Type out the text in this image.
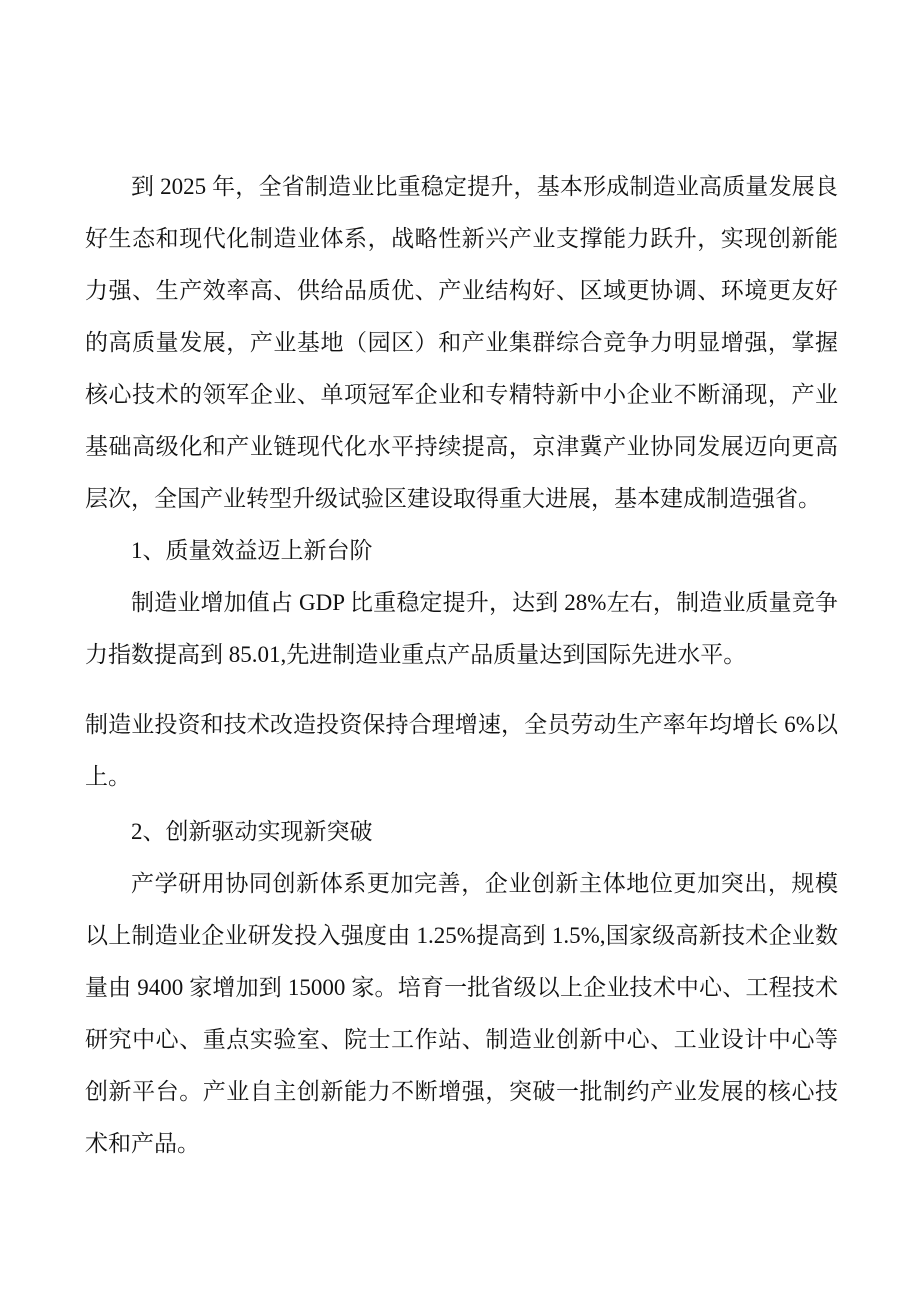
到 2025 年，全省制造业比重稳定提升，基本形成制造业高质量发展良
好生态和现代化制造业体系，战略性新兴产业支撑能力跃升，实现创新能
力强、生产效率高、供给品质优、产业结构好、区域更协调、环境更友好
的高质量发展，产业基地（园区）和产业集群综合竞争力明显增强，掌握
核心技术的领军企业、单项冠军企业和专精特新中小企业不断涌现，产业
基础高级化和产业链现代化水平持续提高，京津冀产业协同发展迈向更高
层次，全国产业转型升级试验区建设取得重大进展，基本建成制造强省。
1、质量效益迈上新台阶
制造业增加值占 GDP 比重稳定提升，达到 28%左右，制造业质量竞争
力指数提高到 85.01,先进制造业重点产品质量达到国际先进水平。
制造业投资和技术改造投资保持合理增速，全员劳动生产率年均增长 6%以
上。
2、创新驱动实现新突破
产学研用协同创新体系更加完善，企业创新主体地位更加突出，规模
以上制造业企业研发投入强度由 1.25%提高到 1.5%,国家级高新技术企业数
量由 9400 家增加到 15000 家。培育一批省级以上企业技术中心、工程技术
研究中心、重点实验室、院士工作站、制造业创新中心、工业设计中心等
创新平台。产业自主创新能力不断增强，突破一批制约产业发展的核心技
术和产品。
